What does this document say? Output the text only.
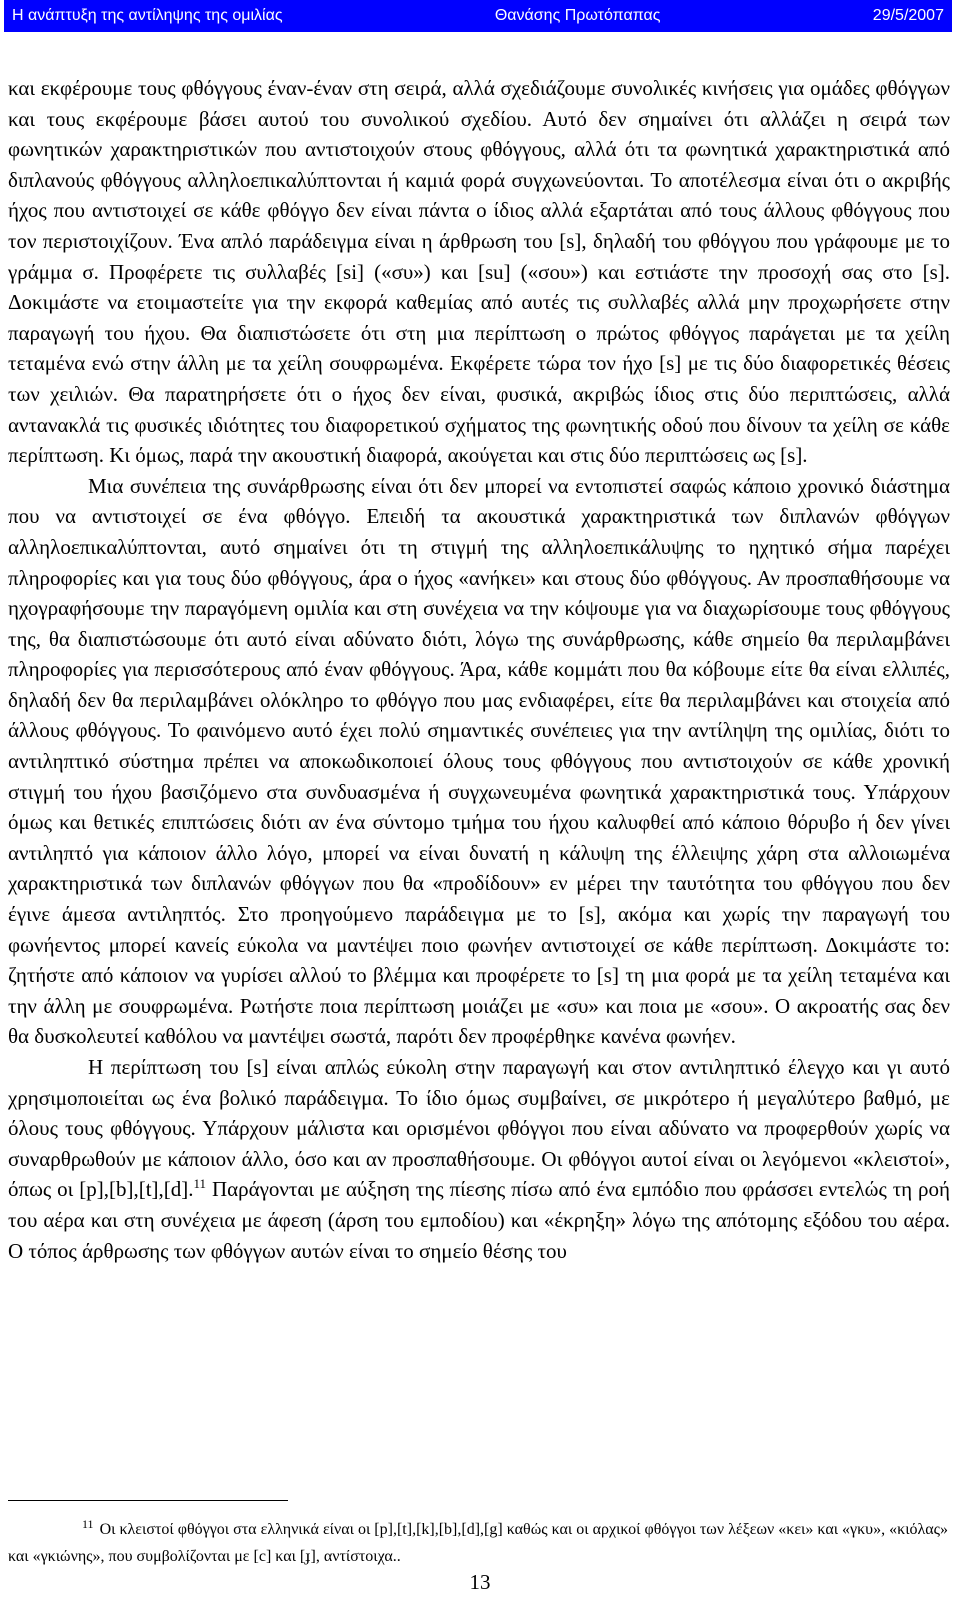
Η ανάπτυξη της αντίληψης της ομιλίας	Θανάσης Πρωτόπαπας	29/5/2007

και εκφέρουμε τους φθόγγους έναν-έναν στη σειρά, αλλά σχεδιάζουμε συνολικές κινήσεις για ομάδες φθόγγων και τους εκφέρουμε βάσει αυτού του συνολικού σχεδίου. Αυτό δεν σημαίνει ότι αλλάζει η σειρά των φωνητικών χαρακτηριστικών που αντιστοιχούν στους φθόγγους, αλλά ότι τα φωνητικά χαρακτηριστικά από διπλανούς φθόγγους αλληλοεπικαλύπτονται ή καμιά φορά συγχωνεύονται. Το αποτέλεσμα είναι ότι ο ακριβής ήχος που αντιστοιχεί σε κάθε φθόγγο δεν είναι πάντα ο ίδιος αλλά εξαρτάται από τους άλλους φθόγγους που τον περιστοιχίζουν. Ένα απλό παράδειγμα είναι η άρθρωση του [s], δηλαδή του φθόγγου που γράφουμε με το γράμμα σ. Προφέρετε τις συλλαβές [si] («συ») και [su] («σου») και εστιάστε την προσοχή σας στο [s]. Δοκιμάστε να ετοιμαστείτε για την εκφορά καθεμίας από αυτές τις συλλαβές αλλά μην προχωρήσετε στην παραγωγή του ήχου. Θα διαπιστώσετε ότι στη μια περίπτωση ο πρώτος φθόγγος παράγεται με τα χείλη τεταμένα ενώ στην άλλη με τα χείλη σουφρωμένα. Εκφέρετε τώρα τον ήχο [s] με τις δύο διαφορετικές θέσεις των χειλιών. Θα παρατηρήσετε ότι ο ήχος δεν είναι, φυσικά, ακριβώς ίδιος στις δύο περιπτώσεις, αλλά αντανακλά τις φυσικές ιδιότητες του διαφορετικού σχήματος της φωνητικής οδού που δίνουν τα χείλη σε κάθε περίπτωση. Κι όμως, παρά την ακουστική διαφορά, ακούγεται και στις δύο περιπτώσεις ως [s].

Μια συνέπεια της συνάρθρωσης είναι ότι δεν μπορεί να εντοπιστεί σαφώς κάποιο χρονικό διάστημα που να αντιστοιχεί σε ένα φθόγγο. Επειδή τα ακουστικά χαρακτηριστικά των διπλανών φθόγγων αλληλοεπικαλύπτονται, αυτό σημαίνει ότι τη στιγμή της αλληλοεπικάλυψης το ηχητικό σήμα παρέχει πληροφορίες και για τους δύο φθόγγους, άρα ο ήχος «ανήκει» και στους δύο φθόγγους. Αν προσπαθήσουμε να ηχογραφήσουμε την παραγόμενη ομιλία και στη συνέχεια να την κόψουμε για να διαχωρίσουμε τους φθόγγους της, θα διαπιστώσουμε ότι αυτό είναι αδύνατο διότι, λόγω της συνάρθρωσης, κάθε σημείο θα περιλαμβάνει πληροφορίες για περισσότερους από έναν φθόγγους. Άρα, κάθε κομμάτι που θα κόβουμε είτε θα είναι ελλιπές, δηλαδή δεν θα περιλαμβάνει ολόκληρο το φθόγγο που μας ενδιαφέρει, είτε θα περιλαμβάνει και στοιχεία από άλλους φθόγγους. Το φαινόμενο αυτό έχει πολύ σημαντικές συνέπειες για την αντίληψη της ομιλίας, διότι το αντιληπτικό σύστημα πρέπει να αποκωδικοποιεί όλους τους φθόγγους που αντιστοιχούν σε κάθε χρονική στιγμή του ήχου βασιζόμενο στα συνδυασμένα ή συγχωνευμένα φωνητικά χαρακτηριστικά τους. Υπάρχουν όμως και θετικές επιπτώσεις διότι αν ένα σύντομο τμήμα του ήχου καλυφθεί από κάποιο θόρυβο ή δεν γίνει αντιληπτό για κάποιον άλλο λόγο, μπορεί να είναι δυνατή η κάλυψη της έλλειψης χάρη στα αλλοιωμένα χαρακτηριστικά των διπλανών φθόγγων που θα «προδίδουν» εν μέρει την ταυτότητα του φθόγγου που δεν έγινε άμεσα αντιληπτός. Στο προηγούμενο παράδειγμα με το [s], ακόμα και χωρίς την παραγωγή του φωνήεντος μπορεί κανείς εύκολα να μαντέψει ποιο φωνήεν αντιστοιχεί σε κάθε περίπτωση. Δοκιμάστε το: ζητήστε από κάποιον να γυρίσει αλλού το βλέμμα και προφέρετε το [s] τη μια φορά με τα χείλη τεταμένα και την άλλη με σουφρωμένα. Ρωτήστε ποια περίπτωση μοιάζει με «συ» και ποια με «σου». Ο ακροατής σας δεν θα δυσκολευτεί καθόλου να μαντέψει σωστά, παρότι δεν προφέρθηκε κανένα φωνήεν.

Η περίπτωση του [s] είναι απλώς εύκολη στην παραγωγή και στον αντιληπτικό έλεγχο και γι αυτό χρησιμοποιείται ως ένα βολικό παράδειγμα. Το ίδιο όμως συμβαίνει, σε μικρότερο ή μεγαλύτερο βαθμό, με όλους τους φθόγγους. Υπάρχουν μάλιστα και ορισμένοι φθόγγοι που είναι αδύνατο να προφερθούν χωρίς να συναρθρωθούν με κάποιον άλλο, όσο και αν προσπαθήσουμε. Οι φθόγγοι αυτοί είναι οι λεγόμενοι «κλειστοί», όπως οι [p],[b],[t],[d].$^{11}$ Παράγονται με αύξηση της πίεσης πίσω από ένα εμπόδιο που φράσσει εντελώς τη ροή του αέρα και στη συνέχεια με άφεση (άρση του εμποδίου) και «έκρηξη» λόγω της απότομης εξόδου του αέρα. Ο τόπος άρθρωσης των φθόγγων αυτών είναι το σημείο θέσης του

$^{11}$ Οι κλειστοί φθόγγοι στα ελληνικά είναι οι [p],[t],[k],[b],[d],[g] καθώς και οι αρχικοί φθόγγοι των λέξεων «κει» και «γκυ», «κιόλας» και «γκιώνης», που συμβολίζονται με [c] και [ɟ], αντίστοιχα..
13
